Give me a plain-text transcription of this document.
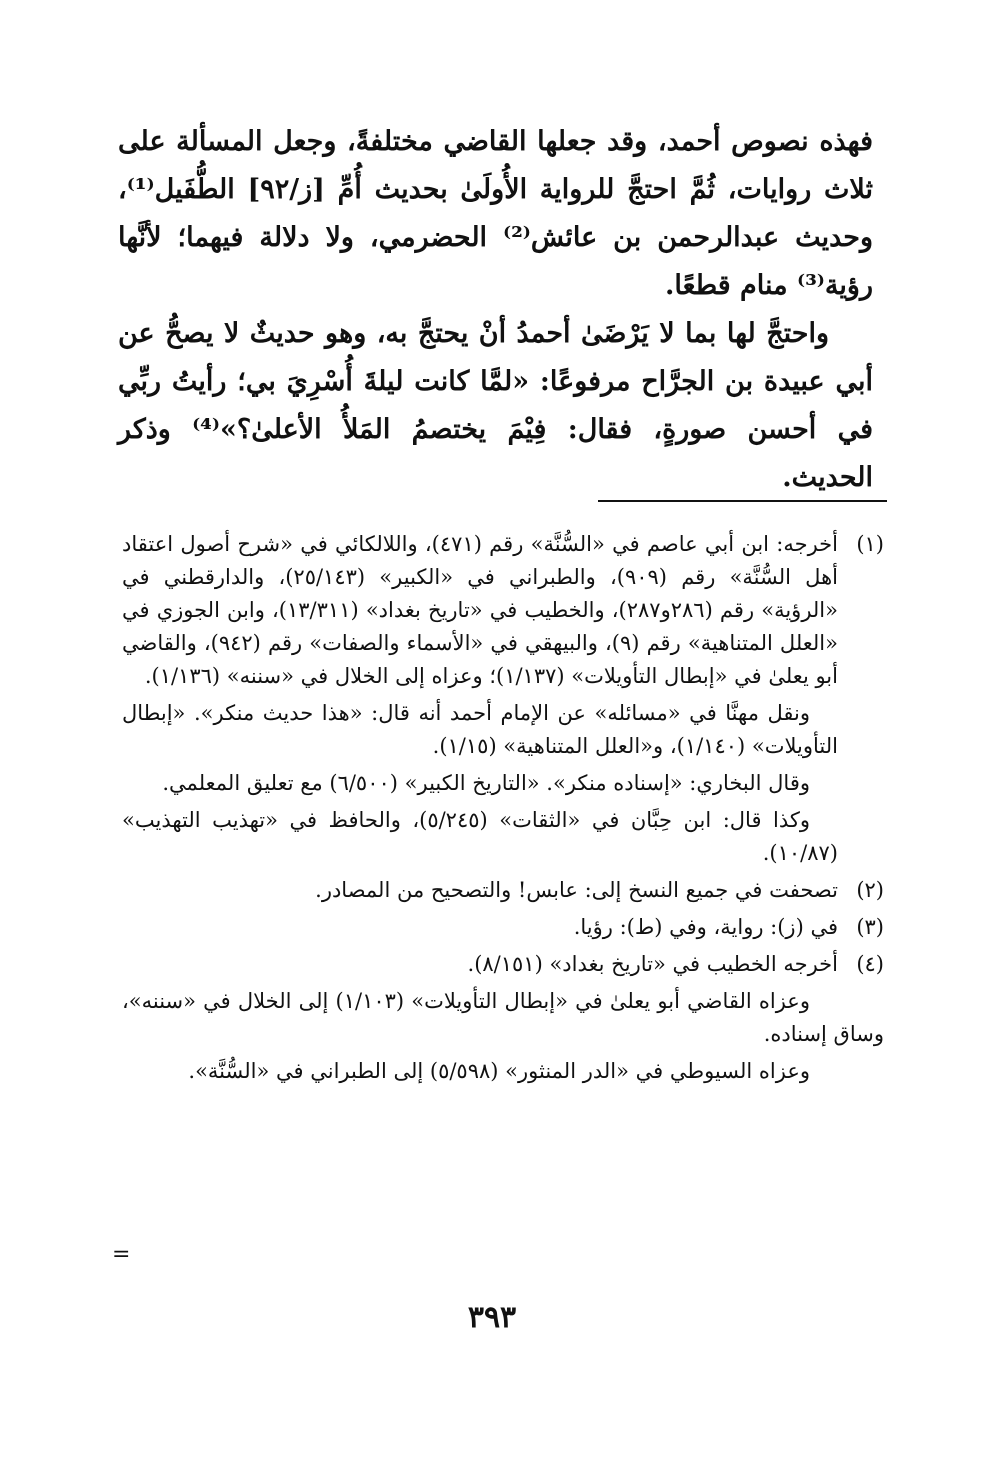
فهذه نصوص أحمد، وقد جعلها القاضي مختلفةً، وجعل المسألة على ثلاث روايات، ثُمَّ احتجَّ للرواية الأُولَىٰ بحديث أُمِّ [ز/٩٢] الطُّفَيل⁽¹⁾، وحديث عبدالرحمن بن عائش⁽²⁾ الحضرمي، ولا دلالة فيهما؛ لأنَّها رؤية⁽³⁾ منام قطعًا.

واحتجَّ لها بما لا يَرْضَىٰ أحمدُ أنْ يحتجَّ به، وهو حديثٌ لا يصحُّ عن أبي عبيدة بن الجرَّاح مرفوعًا: «لمَّا كانت ليلةَ أُسْرِيَ بي؛ رأيتُ ربِّي في أحسن صورةٍ، فقال: فِيْمَ يختصمُ المَلأُ الأعلىٰ؟»⁽⁴⁾ وذكر الحديث.

(١)

أخرجه: ابن أبي عاصم في «السُّنَّة» رقم (٤٧١)، واللالكائي في «شرح أصول اعتقاد أهل السُّنَّة» رقم (٩٠٩)، والطبراني في «الكبير» (٢٥/١٤٣)، والدارقطني في «الرؤية» رقم (٢٨٦و٢٨٧)، والخطيب في «تاريخ بغداد» (١٣/٣١١)، وابن الجوزي في «العلل المتناهية» رقم (٩)، والبيهقي في «الأسماء والصفات» رقم (٩٤٢)، والقاضي أبو يعلىٰ في «إبطال التأويلات» (١/١٣٧)؛ وعزاه إلى الخلال في «سننه» (١/١٣٦).

ونقل مهنَّا في «مسائله» عن الإمام أحمد أنه قال: «هذا حديث منكر». «إبطال التأويلات» (١/١٤٠)، و«العلل المتناهية» (١/١٥).

وقال البخاري: «إسناده منكر». «التاريخ الكبير» (٦/٥٠٠) مع تعليق المعلمي.

وكذا قال: ابن حِبَّان في «الثقات» (٥/٢٤٥)، والحافظ في «تهذيب التهذيب» (١٠/٨٧).

(٢)

تصحفت في جميع النسخ إلى: عابس! والتصحيح من المصادر.

(٣)

في (ز): رواية، وفي (ط): رؤيا.

(٤)

أخرجه الخطيب في «تاريخ بغداد» (٨/١٥١).

وعزاه القاضي أبو يعلىٰ في «إبطال التأويلات» (١/١٠٣) إلى الخلال في «سننه»، وساق إسناده.

وعزاه السيوطي في «الدر المنثور» (٥/٥٩٨) إلى الطبراني في «السُّنَّة».

=
٣٩٣
